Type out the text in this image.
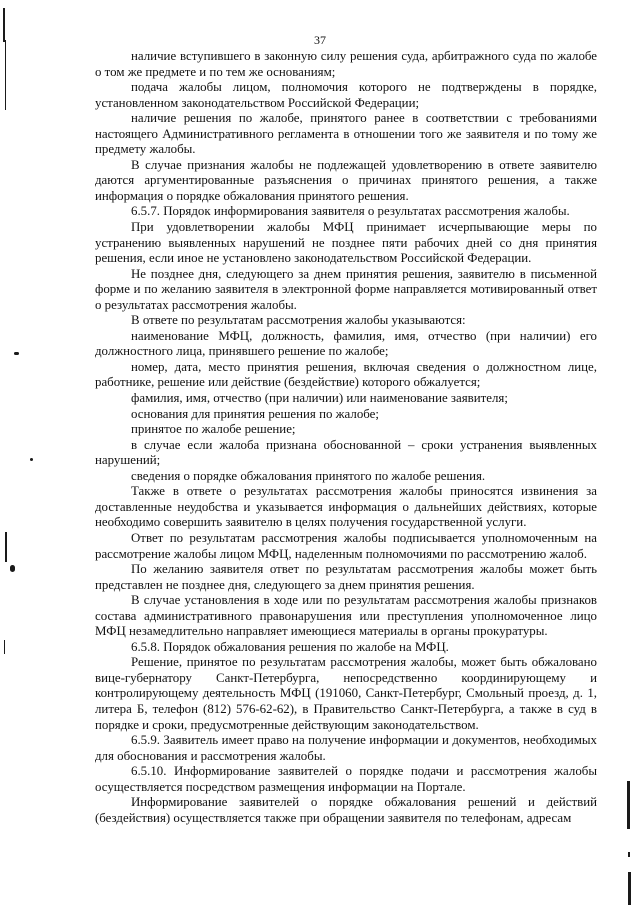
37

наличие вступившего в законную силу решения суда, арбитражного суда по жалобе о том же предмете и по тем же основаниям;

подача жалобы лицом, полномочия которого не подтверждены в порядке, установленном законодательством Российской Федерации;

наличие решения по жалобе, принятого ранее в соответствии с требованиями настоящего Административного регламента в отношении того же заявителя и по тому же предмету жалобы.

В случае признания жалобы не подлежащей удовлетворению в ответе заявителю даются аргументированные разъяснения о причинах принятого решения, а также информация о порядке обжалования принятого решения.

6.5.7. Порядок информирования заявителя о результатах рассмотрения жалобы.

При удовлетворении жалобы МФЦ принимает исчерпывающие меры по устранению выявленных нарушений не позднее пяти рабочих дней со дня принятия решения, если иное не установлено законодательством Российской Федерации.

Не позднее дня, следующего за днем принятия решения, заявителю в письменной форме и по желанию заявителя в электронной форме направляется мотивированный ответ о результатах рассмотрения жалобы.

В ответе по результатам рассмотрения жалобы указываются:

наименование МФЦ, должность, фамилия, имя, отчество (при наличии) его должностного лица, принявшего решение по жалобе;

номер, дата, место принятия решения, включая сведения о должностном лице, работнике, решение или действие (бездействие) которого обжалуется;

фамилия, имя, отчество (при наличии) или наименование заявителя;

основания для принятия решения по жалобе;

принятое по жалобе решение;

в случае если жалоба признана обоснованной – сроки устранения выявленных нарушений;

сведения о порядке обжалования принятого по жалобе решения.

Также в ответе о результатах рассмотрения жалобы приносятся извинения за доставленные неудобства и указывается информация о дальнейших действиях, которые необходимо совершить заявителю в целях получения государственной услуги.

Ответ по результатам рассмотрения жалобы подписывается уполномоченным на рассмотрение жалобы лицом МФЦ, наделенным полномочиями по рассмотрению жалоб.

По желанию заявителя ответ по результатам рассмотрения жалобы может быть представлен не позднее дня, следующего за днем принятия решения.

В случае установления в ходе или по результатам рассмотрения жалобы признаков состава административного правонарушения или преступления уполномоченное лицо МФЦ незамедлительно направляет имеющиеся материалы в органы прокуратуры.

6.5.8. Порядок обжалования решения по жалобе на МФЦ.

Решение, принятое по результатам рассмотрения жалобы, может быть обжаловано вице-губернатору Санкт-Петербурга, непосредственно координирующему и контролирующему деятельность МФЦ (191060, Санкт-Петербург, Смольный проезд, д. 1, литера Б, телефон (812) 576-62-62), в Правительство Санкт-Петербурга, а также в суд в порядке и сроки, предусмотренные действующим законодательством.

6.5.9. Заявитель имеет право на получение информации и документов, необходимых для обоснования и рассмотрения жалобы.

6.5.10. Информирование заявителей о порядке подачи и рассмотрения жалобы осуществляется посредством размещения информации на Портале.

Информирование заявителей о порядке обжалования решений и действий (бездействия) осуществляется также при обращении заявителя по телефонам, адресам
